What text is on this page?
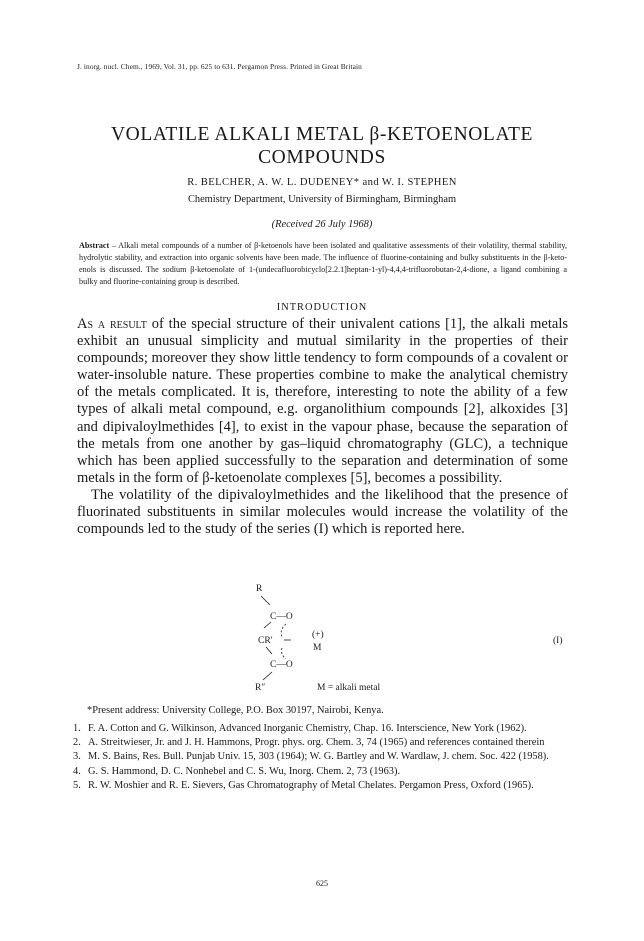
J. inorg. nucl. Chem., 1969, Vol. 31, pp. 625 to 631. Pergamon Press. Printed in Great Britain
VOLATILE ALKALI METAL β-KETOENOLATE
COMPOUNDS
R. BELCHER, A. W. L. DUDENEY* and W. I. STEPHEN
Chemistry Department, University of Birmingham, Birmingham
(Received 26 July 1968)
Abstract – Alkali metal compounds of a number of β-ketoenols have been isolated and qualitative assessments of their volatility, thermal stability, hydrolytic stability, and extraction into organic solvents have been made. The influence of fluorine-containing and bulky substituents in the β-keto-enols is discussed. The sodium β-ketoenolate of 1-(undecafluorobicyclo[2.2.1]heptan-1-yl)-4,4,4-trifluorobutan-2,4-dione, a ligand combining a bulky and fluorine-containing group is described.
INTRODUCTION

As a result of the special structure of their univalent cations [1], the alkali metals exhibit an unusual simplicity and mutual similarity in the properties of their compounds; moreover they show little tendency to form compounds of a covalent or water-insoluble nature. These properties combine to make the analytical chemistry of the metals complicated. It is, therefore, interesting to note the ability of a few types of alkali metal compound, e.g. organolithium compounds [2], alkoxides [3] and dipivaloylmethides [4], to exist in the vapour phase, because the separation of the metals from one another by gas–liquid chromatography (GLC), a technique which has been applied successfully to the separation and determination of some metals in the form of β-ketoenolate complexes [5], becomes a possibility.

The volatility of the dipivaloylmethides and the likelihood that the presence of fluorinated substituents in similar molecules would increase the volatility of the compounds led to the study of the series (I) which is reported here.

R
C—O
CR′
(+)
M
C—O
R″	M = alkali metal
(I)
*Present address: University College, P.O. Box 30197, Nairobi, Kenya.
1. F. A. Cotton and G. Wilkinson, Advanced Inorganic Chemistry, Chap. 16. Interscience, New York (1962).
2. A. Streitwieser, Jr. and J. H. Hammons, Progr. phys. org. Chem. 3, 74 (1965) and references contained therein
3. M. S. Bains, Res. Bull. Punjab Univ. 15, 303 (1964); W. G. Bartley and W. Wardlaw, J. chem. Soc. 422 (1958).
4. G. S. Hammond, D. C. Nonhebel and C. S. Wu, Inorg. Chem. 2, 73 (1963).
5. R. W. Moshier and R. E. Sievers, Gas Chromatography of Metal Chelates. Pergamon Press, Oxford (1965).
625
